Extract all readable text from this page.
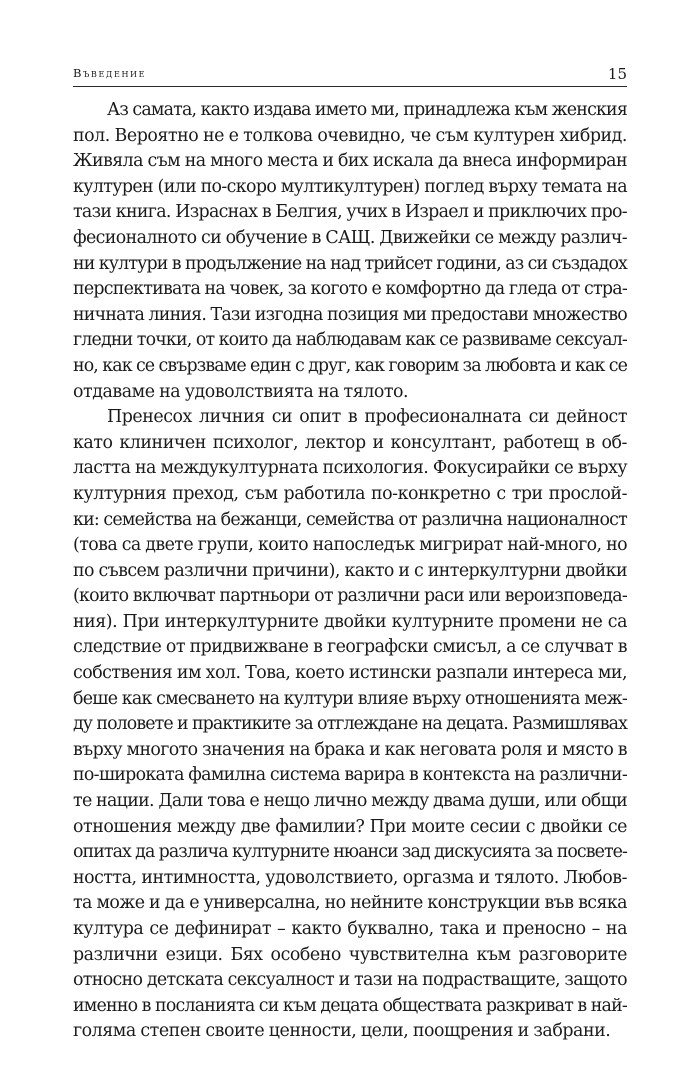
Въведение	15
Аз самата, както издава името ми, принадлежа към женския
пол. Вероятно не е толкова очевидно, че съм културен хибрид.
Живяла съм на много места и бих искала да внеса информиран
културен (или по-скоро мултикултурен) поглед върху темата на
тази книга. Израснах в Белгия, учих в Израел и приключих про-
фесионалното си обучение в САЩ. Движейки се между различ-
ни култури в продължение на над трийсет години, аз си създадох
перспективата на човек, за когото е комфортно да гледа от стра-
ничната линия. Тази изгодна позиция ми предостави множество
гледни точки, от които да наблюдавам как се развиваме сексуал-
но, как се свързваме един с друг, как говорим за любовта и как се
отдаваме на удоволствията на тялото.
Пренесох личния си опит в професионалната си дейност
като клиничен психолог, лектор и консултант, работещ в об-
ластта на междукултурната психология. Фокусирайки се върху
културния преход, съм работила по-конкретно с три прослой-
ки: семейства на бежанци, семейства от различна националност
(това са двете групи, които напоследък мигрират най-много, но
по съвсем различни причини), както и с интеркултурни двойки
(които включват партньори от различни раси или вероизповеда-
ния). При интеркултурните двойки културните промени не са
следствие от придвижване в географски смисъл, а се случват в
собствения им хол. Това, което истински разпали интереса ми,
беше как смесването на култури влияе върху отношенията меж-
ду половете и практиките за отглеждане на децата. Размишлявах
върху многото значения на брака и как неговата роля и място в
по-широката фамилна система варира в контекста на различни-
те нации. Дали това е нещо лично между двама души, или общи
отношения между две фамилии? При моите сесии с двойки се
опитах да различа културните нюанси зад дискусията за посвете-
ността, интимността, удоволствието, оргазма и тялото. Любов-
та може и да е универсална, но нейните конструкции във всяка
култура се дефинират – както буквално, така и преносно – на
различни езици. Бях особено чувствителна към разговорите
относно детската сексуалност и тази на подрастващите, защото
именно в посланията си към децата обществата разкриват в най-
голяма степен своите ценности, цели, поощрения и забрани.
